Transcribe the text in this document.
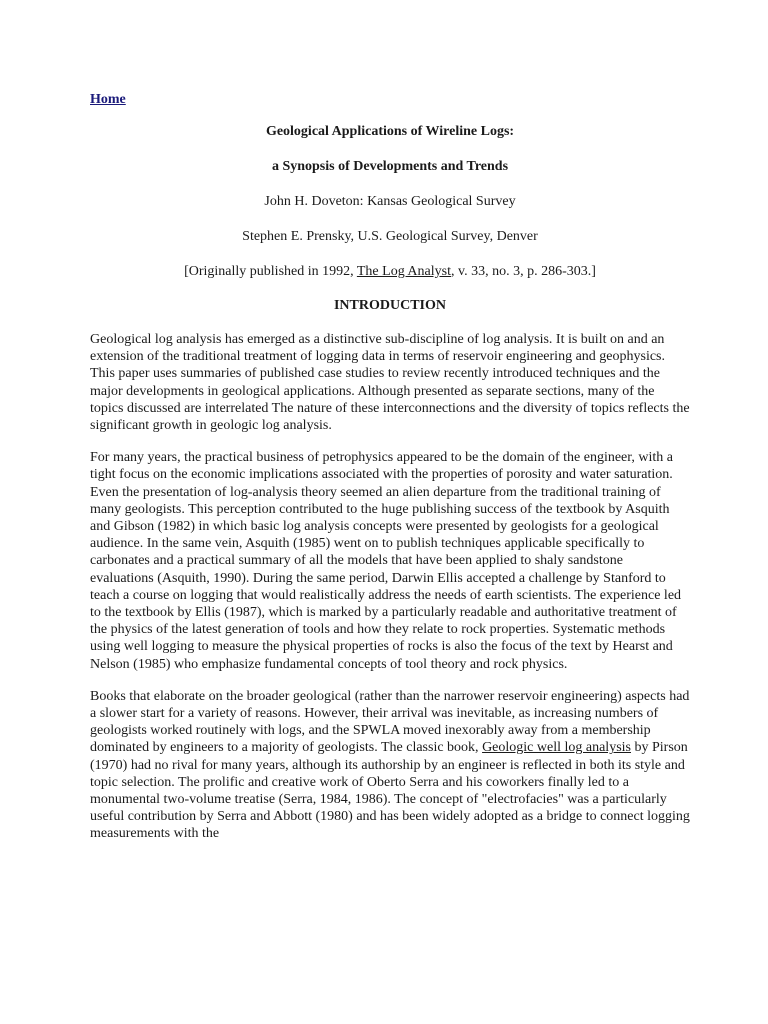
Home

Geological Applications of Wireline Logs:

a Synopsis of Developments and Trends

John H. Doveton: Kansas Geological Survey

Stephen E. Prensky, U.S. Geological Survey, Denver

[Originally published in 1992, The Log Analyst, v. 33, no. 3, p. 286-303.]

INTRODUCTION

Geological log analysis has emerged as a distinctive sub-discipline of log analysis. It is built on and an extension of the traditional treatment of logging data in terms of reservoir engineering and geophysics. This paper uses summaries of published case studies to review recently introduced techniques and the major developments in geological applications. Although presented as separate sections, many of the topics discussed are interrelated The nature of these interconnections and the diversity of topics reflects the significant growth in geologic log analysis.

For many years, the practical business of petrophysics appeared to be the domain of the engineer, with a tight focus on the economic implications associated with the properties of porosity and water saturation. Even the presentation of log-analysis theory seemed an alien departure from the traditional training of many geologists. This perception contributed to the huge publishing success of the textbook by Asquith and Gibson (1982) in which basic log analysis concepts were presented by geologists for a geological audience. In the same vein, Asquith (1985) went on to publish techniques applicable specifically to carbonates and a practical summary of all the models that have been applied to shaly sandstone evaluations (Asquith, 1990). During the same period, Darwin Ellis accepted a challenge by Stanford to teach a course on logging that would realistically address the needs of earth scientists. The experience led to the textbook by Ellis (1987), which is marked by a particularly readable and authoritative treatment of the physics of the latest generation of tools and how they relate to rock properties. Systematic methods using well logging to measure the physical properties of rocks is also the focus of the text by Hearst and Nelson (1985) who emphasize fundamental concepts of tool theory and rock physics.

Books that elaborate on the broader geological (rather than the narrower reservoir engineering) aspects had a slower start for a variety of reasons. However, their arrival was inevitable, as increasing numbers of geologists worked routinely with logs, and the SPWLA moved inexorably away from a membership dominated by engineers to a majority of geologists. The classic book, Geologic well log analysis by Pirson (1970) had no rival for many years, although its authorship by an engineer is reflected in both its style and topic selection. The prolific and creative work of Oberto Serra and his coworkers finally led to a monumental two-volume treatise (Serra, 1984, 1986). The concept of "electrofacies" was a particularly useful contribution by Serra and Abbott (1980) and has been widely adopted as a bridge to connect logging measurements with the
